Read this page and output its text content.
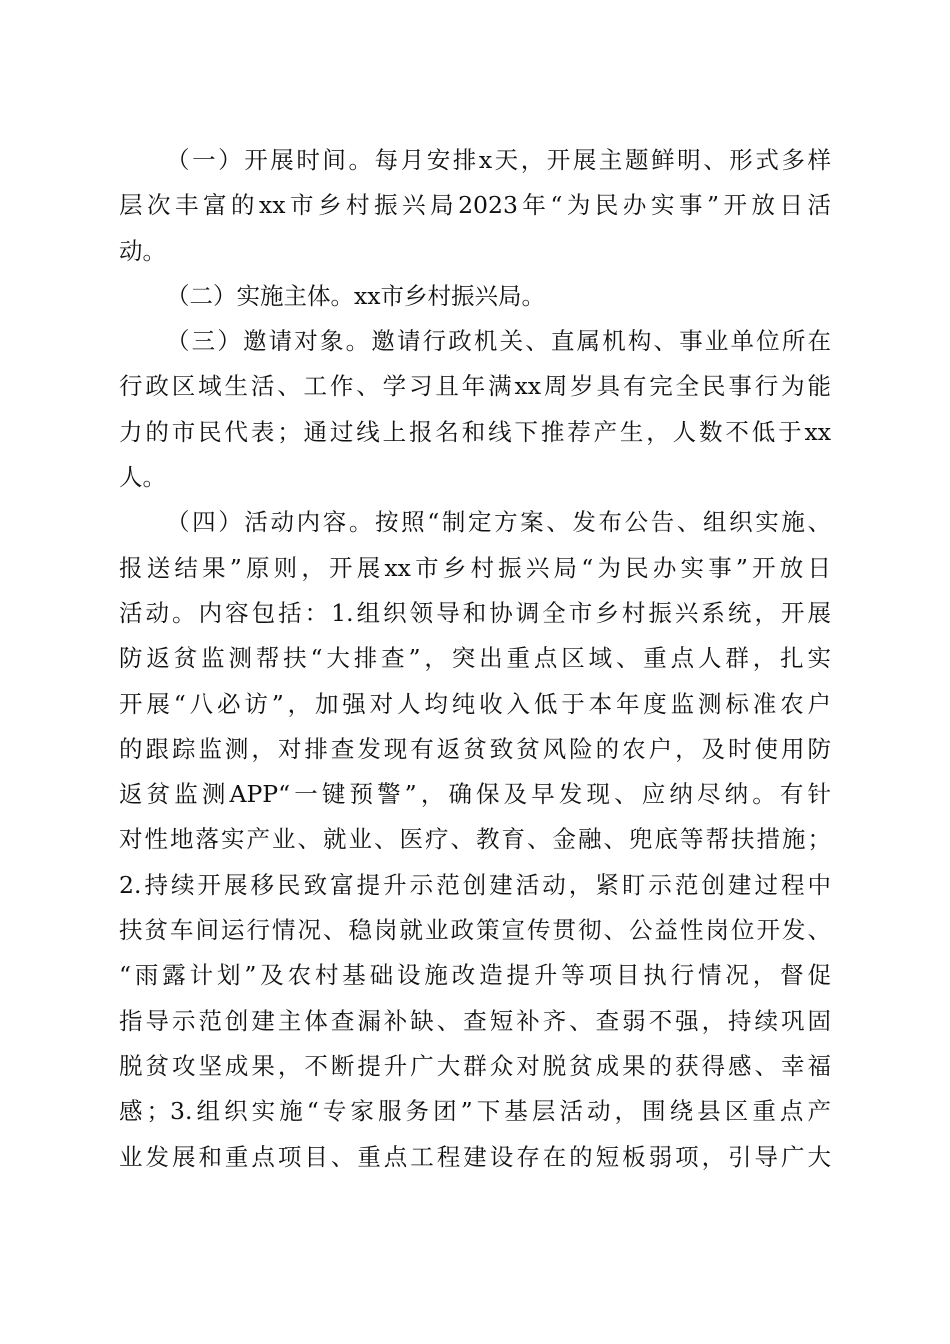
（一）开展时间。每月安排x天，开展主题鲜明、形式多样
层次丰富的xx市乡村振兴局2023年“为民办实事”开放日活
动。
（二）实施主体。xx市乡村振兴局。
（三）邀请对象。邀请行政机关、直属机构、事业单位所在
行政区域生活、工作、学习且年满xx周岁具有完全民事行为能
力的市民代表；通过线上报名和线下推荐产生，人数不低于xx
人。
（四）活动内容。按照“制定方案、发布公告、组织实施、
报送结果”原则，开展xx市乡村振兴局“为民办实事”开放日
活动。内容包括：1.组织领导和协调全市乡村振兴系统，开展
防返贫监测帮扶“大排查”，突出重点区域、重点人群，扎实
开展“八必访”，加强对人均纯收入低于本年度监测标准农户
的跟踪监测，对排查发现有返贫致贫风险的农户，及时使用防
返贫监测APP“一键预警”，确保及早发现、应纳尽纳。有针
对性地落实产业、就业、医疗、教育、金融、兜底等帮扶措施；
2.持续开展移民致富提升示范创建活动，紧盯示范创建过程中
扶贫车间运行情况、稳岗就业政策宣传贯彻、公益性岗位开发、
“雨露计划”及农村基础设施改造提升等项目执行情况，督促
指导示范创建主体查漏补缺、查短补齐、查弱不强，持续巩固
脱贫攻坚成果，不断提升广大群众对脱贫成果的获得感、幸福
感；3.组织实施“专家服务团”下基层活动，围绕县区重点产
业发展和重点项目、重点工程建设存在的短板弱项，引导广大
